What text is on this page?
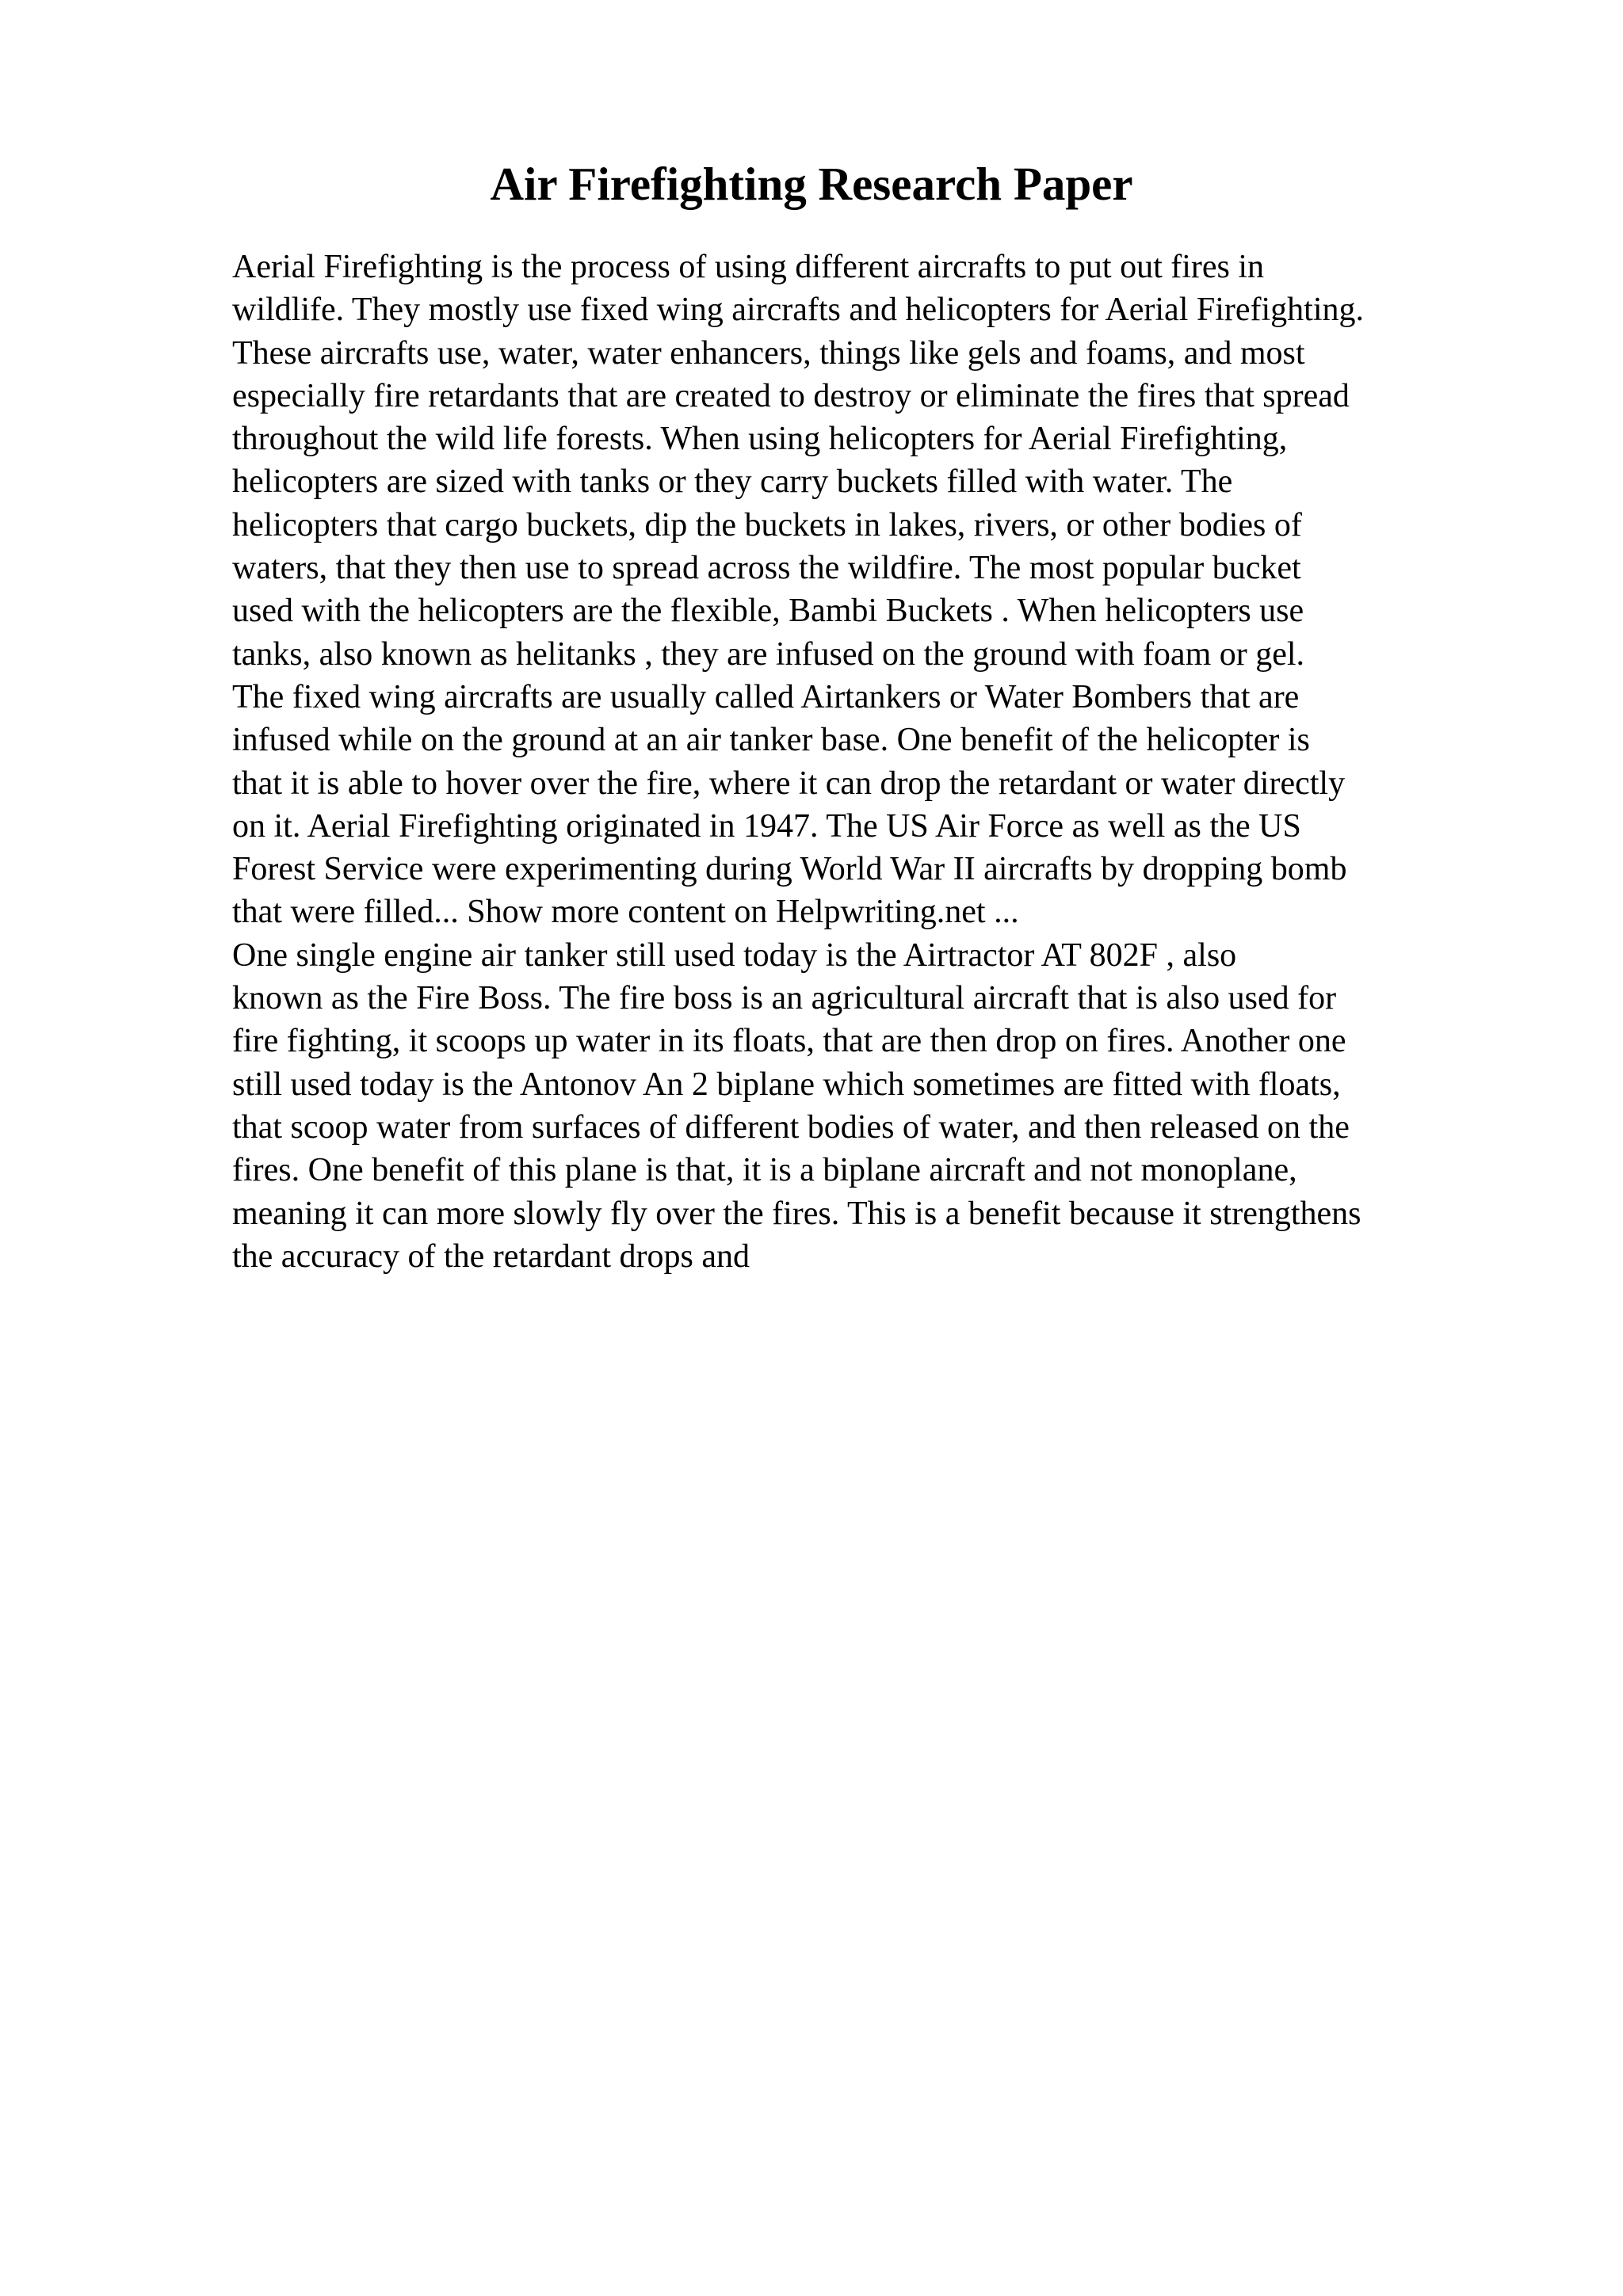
Air Firefighting Research Paper
Aerial Firefighting is the process of using different aircrafts to put out fires in
wildlife. They mostly use fixed wing aircrafts and helicopters for Aerial Firefighting.
These aircrafts use, water, water enhancers, things like gels and foams, and most
especially fire retardants that are created to destroy or eliminate the fires that spread
throughout the wild life forests. When using helicopters for Aerial Firefighting,
helicopters are sized with tanks or they carry buckets filled with water. The
helicopters that cargo buckets, dip the buckets in lakes, rivers, or other bodies of
waters, that they then use to spread across the wildfire. The most popular bucket
used with the helicopters are the flexible, Bambi Buckets . When helicopters use
tanks, also known as helitanks , they are infused on the ground with foam or gel.
The fixed wing aircrafts are usually called Airtankers or Water Bombers that are
infused while on the ground at an air tanker base. One benefit of the helicopter is
that it is able to hover over the fire, where it can drop the retardant or water directly
on it. Aerial Firefighting originated in 1947. The US Air Force as well as the US
Forest Service were experimenting during World War II aircrafts by dropping bomb
that were filled... Show more content on Helpwriting.net ...
One single engine air tanker still used today is the Airtractor AT 802F , also
known as the Fire Boss. The fire boss is an agricultural aircraft that is also used for
fire fighting, it scoops up water in its floats, that are then drop on fires. Another one
still used today is the Antonov An 2 biplane which sometimes are fitted with floats,
that scoop water from surfaces of different bodies of water, and then released on the
fires. One benefit of this plane is that, it is a biplane aircraft and not monoplane,
meaning it can more slowly fly over the fires. This is a benefit because it strengthens
the accuracy of the retardant drops and
